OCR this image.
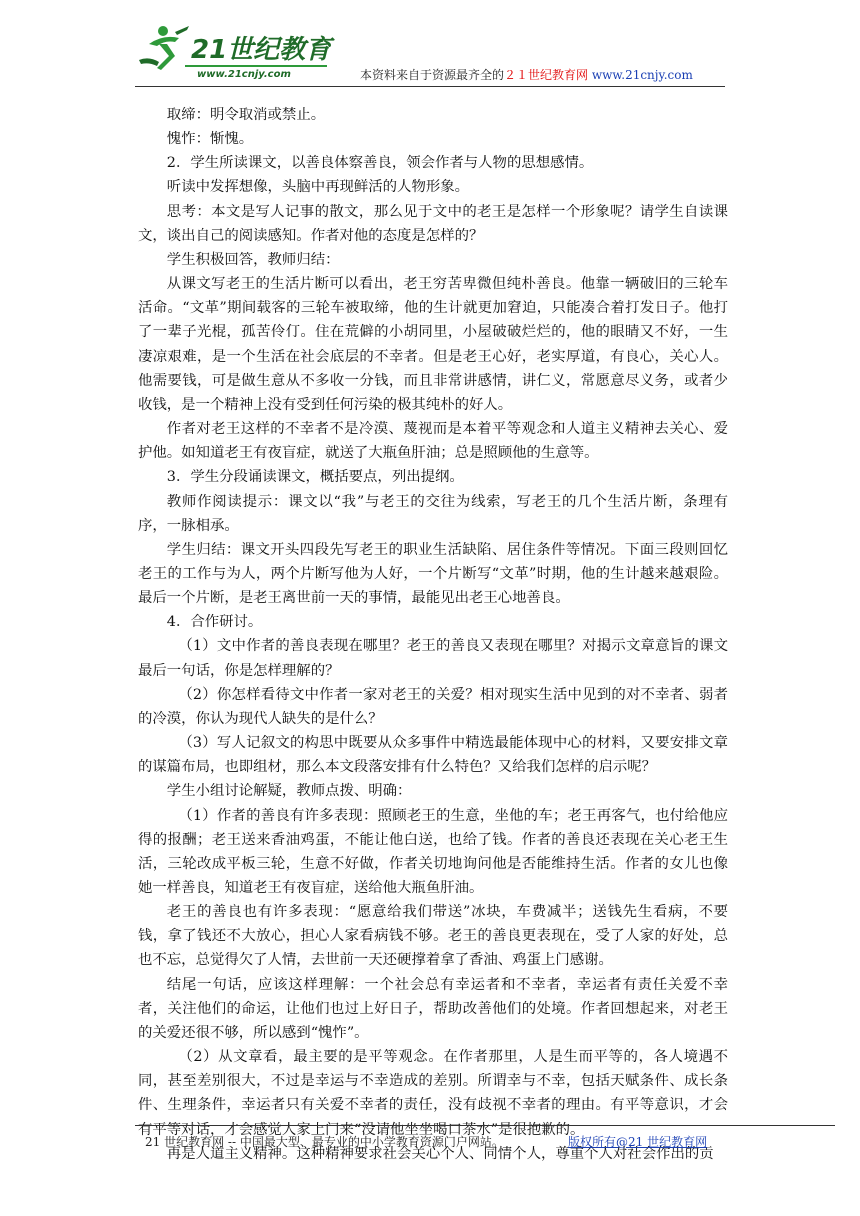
21世纪教育
www.21cnjy.com	本资料来自于资源最齐全的２１世纪教育网 www.21cnjy.com

取缔：明令取消或禁止。

愧怍：惭愧。

2．学生所读课文，以善良体察善良，领会作者与人物的思想感情。

听读中发挥想像，头脑中再现鲜活的人物形象。

思考：本文是写人记事的散文，那么见于文中的老王是怎样一个形象呢？请学生自读课文，谈出自己的阅读感知。作者对他的态度是怎样的？

学生积极回答，教师归结：

从课文写老王的生活片断可以看出，老王穷苦卑微但纯朴善良。他靠一辆破旧的三轮车活命。“文革”期间载客的三轮车被取缔，他的生计就更加窘迫，只能凑合着打发日子。他打了一辈子光棍，孤苦伶仃。住在荒僻的小胡同里，小屋破破烂烂的，他的眼睛又不好，一生凄凉艰难，是一个生活在社会底层的不幸者。但是老王心好，老实厚道，有良心，关心人。他需要钱，可是做生意从不多收一分钱，而且非常讲感情，讲仁义，常愿意尽义务，或者少收钱，是一个精神上没有受到任何污染的极其纯朴的好人。

作者对老王这样的不幸者不是冷漠、蔑视而是本着平等观念和人道主义精神去关心、爱护他。如知道老王有夜盲症，就送了大瓶鱼肝油；总是照顾他的生意等。

3．学生分段诵读课文，概括要点，列出提纲。

教师作阅读提示：课文以“我”与老王的交往为线索，写老王的几个生活片断，条理有序，一脉相承。

学生归结：课文开头四段先写老王的职业生活缺陷、居住条件等情况。下面三段则回忆老王的工作与为人，两个片断写他为人好，一个片断写“文革”时期，他的生计越来越艰险。最后一个片断，是老王离世前一天的事情，最能见出老王心地善良。

4．合作研讨。

（1）文中作者的善良表现在哪里？老王的善良又表现在哪里？对揭示文章意旨的课文最后一句话，你是怎样理解的？

（2）你怎样看待文中作者一家对老王的关爱？相对现实生活中见到的对不幸者、弱者的冷漠，你认为现代人缺失的是什么？

（3）写人记叙文的构思中既要从众多事件中精选最能体现中心的材料，又要安排文章的谋篇布局，也即组材，那么本文段落安排有什么特色？又给我们怎样的启示呢？

学生小组讨论解疑，教师点拨、明确：

（1）作者的善良有许多表现：照顾老王的生意，坐他的车；老王再客气，也付给他应得的报酬；老王送来香油鸡蛋，不能让他白送，也给了钱。作者的善良还表现在关心老王生活，三轮改成平板三轮，生意不好做，作者关切地询问他是否能维持生活。作者的女儿也像她一样善良，知道老王有夜盲症，送给他大瓶鱼肝油。

老王的善良也有许多表现：“愿意给我们带送”冰块，车费减半；送钱先生看病，不要钱，拿了钱还不大放心，担心人家看病钱不够。老王的善良更表现在，受了人家的好处，总也不忘，总觉得欠了人情，去世前一天还硬撑着拿了香油、鸡蛋上门感谢。

结尾一句话，应该这样理解：一个社会总有幸运者和不幸者，幸运者有责任关爱不幸者，关注他们的命运，让他们也过上好日子，帮助改善他们的处境。作者回想起来，对老王的关爱还很不够，所以感到“愧怍”。

（2）从文章看，最主要的是平等观念。在作者那里，人是生而平等的，各人境遇不同，甚至差别很大，不过是幸运与不幸造成的差别。所谓幸与不幸，包括天赋条件、成长条件、生理条件，幸运者只有关爱不幸者的责任，没有歧视不幸者的理由。有平等意识，才会有平等对话，才会感觉人家上门来“没请他坐坐喝口茶水”是很抱歉的。

再是人道主义精神。这种精神要求社会关心个人、同情个人，尊重个人对社会作出的贡

21 世纪教育网 -- 中国最大型、最专业的中小学教育资源门户网站。	版权所有@21 世纪教育网
